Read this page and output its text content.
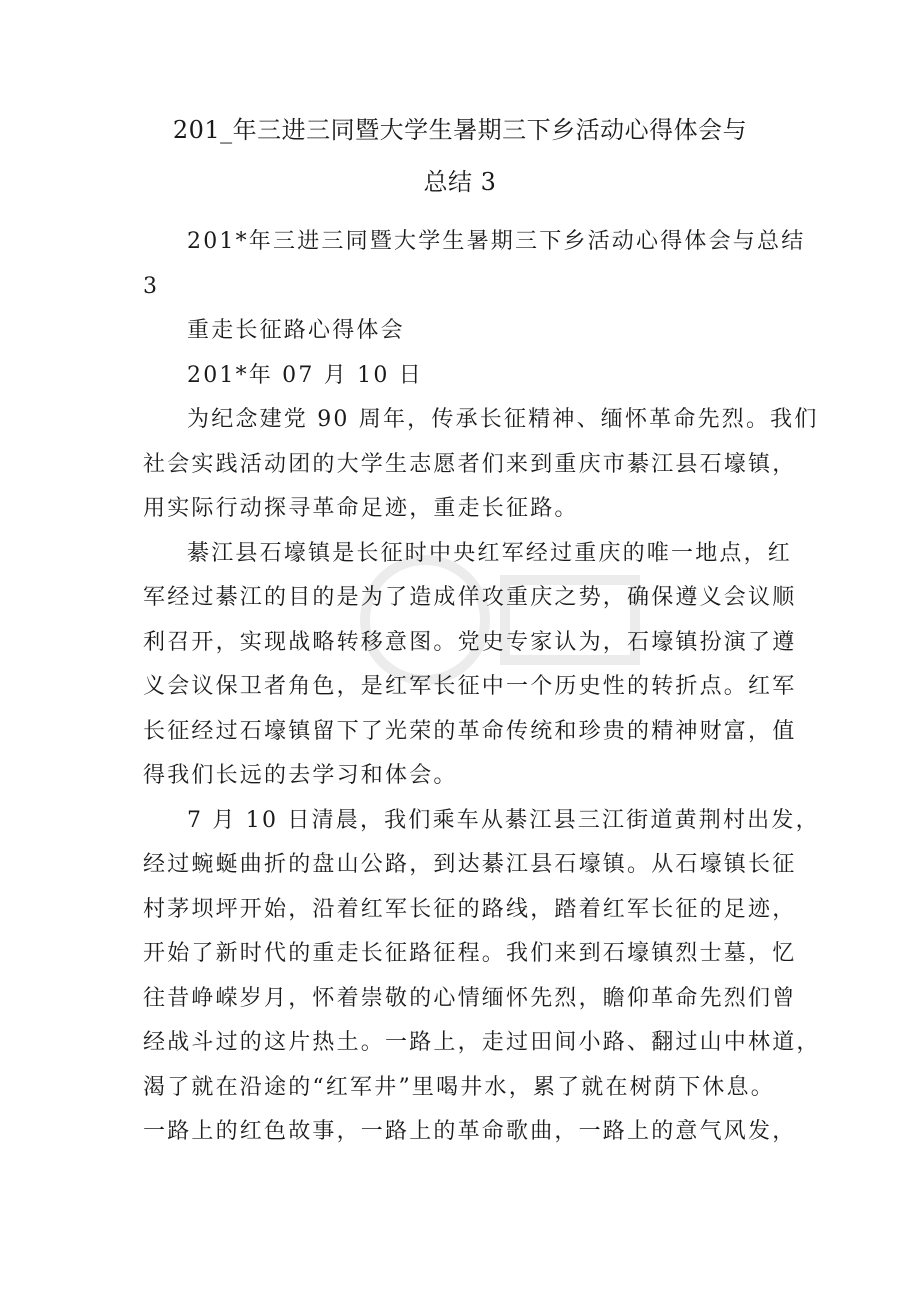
201_年三进三同暨大学生暑期三下乡活动心得体会与
总结 3
201*年三进三同暨大学生暑期三下乡活动心得体会与总结
3
重走长征路心得体会
201*年 07 月 10 日
为纪念建党 90 周年，传承长征精神、缅怀革命先烈。我们
社会实践活动团的大学生志愿者们来到重庆市綦江县石壕镇，
用实际行动探寻革命足迹，重走长征路。
綦江县石壕镇是长征时中央红军经过重庆的唯一地点，红
军经过綦江的目的是为了造成佯攻重庆之势，确保遵义会议顺
利召开，实现战略转移意图。党史专家认为，石壕镇扮演了遵
义会议保卫者角色，是红军长征中一个历史性的转折点。红军
长征经过石壕镇留下了光荣的革命传统和珍贵的精神财富，值
得我们长远的去学习和体会。
7 月 10 日清晨，我们乘车从綦江县三江街道黄荆村出发，
经过蜿蜒曲折的盘山公路，到达綦江县石壕镇。从石壕镇长征
村茅坝坪开始，沿着红军长征的路线，踏着红军长征的足迹，
开始了新时代的重走长征路征程。我们来到石壕镇烈士墓，忆
往昔峥嵘岁月，怀着崇敬的心情缅怀先烈，瞻仰革命先烈们曾
经战斗过的这片热土。一路上，走过田间小路、翻过山中林道，
渴了就在沿途的“红军井”里喝井水，累了就在树荫下休息。
一路上的红色故事，一路上的革命歌曲，一路上的意气风发，
